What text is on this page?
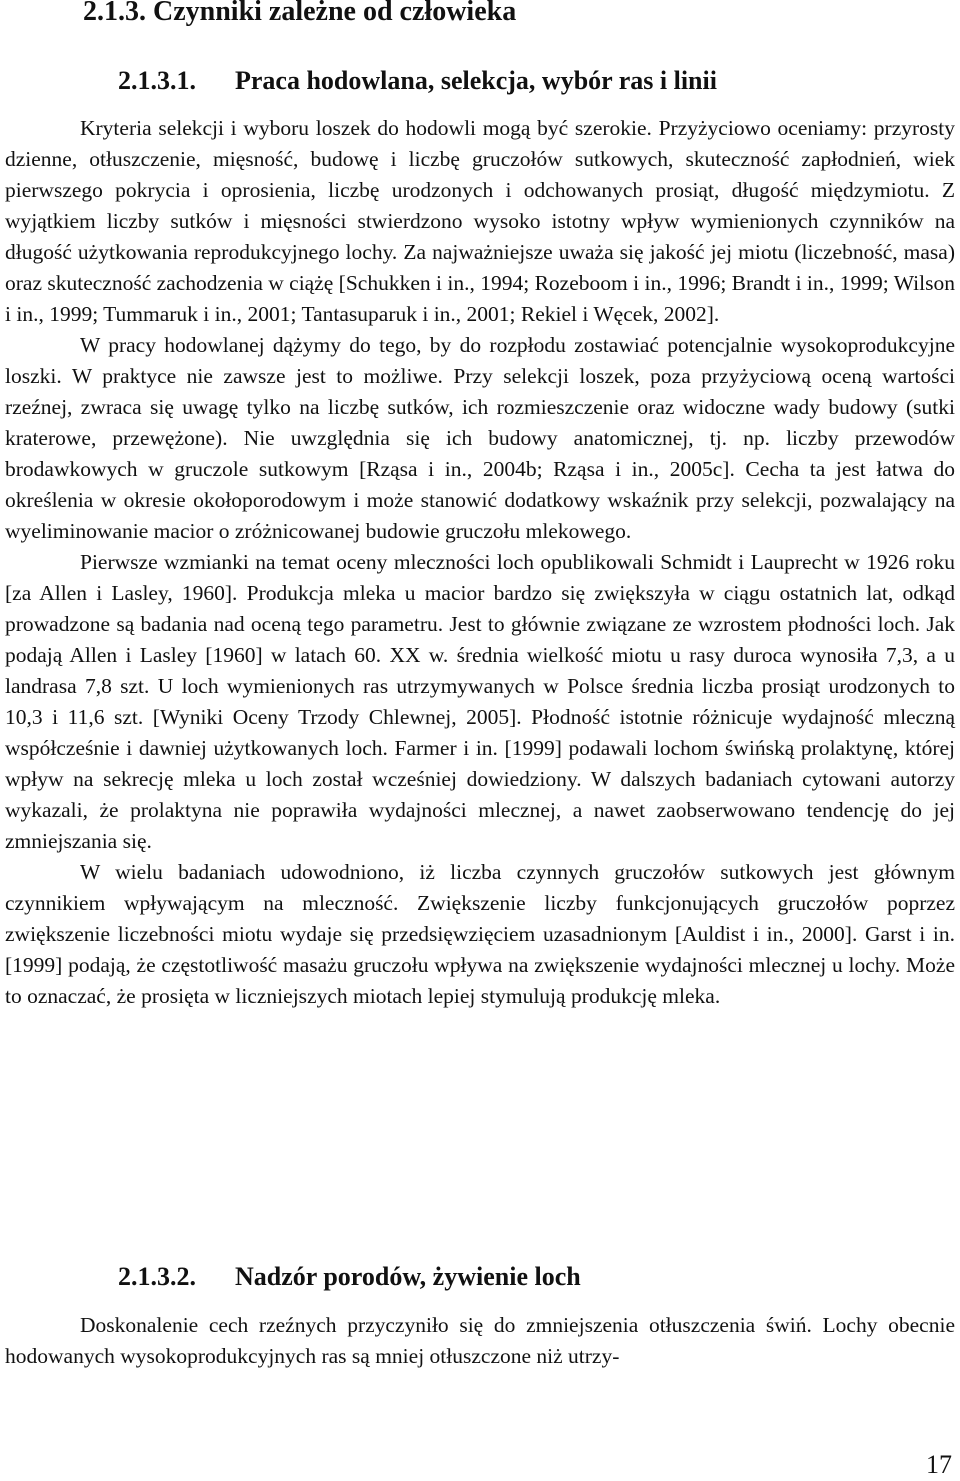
2.1.3. Czynniki zależne od człowieka
2.1.3.1. Praca hodowlana, selekcja, wybór ras i linii

Kryteria selekcji i wyboru loszek do hodowli mogą być szerokie. Przyżyciowo oceniamy: przyrosty dzienne, otłuszczenie, mięsność, budowę i liczbę gruczołów sutkowych, skuteczność zapłodnień, wiek pierwszego pokrycia i oprosienia, liczbę urodzonych i odchowanych prosiąt, długość międzymiotu. Z wyjątkiem liczby sutków i mięsności stwierdzono wysoko istotny wpływ wymienionych czynników na długość użytkowania reprodukcyjnego lochy. Za najważniejsze uważa się jakość jej miotu (liczebność, masa) oraz skuteczność zachodzenia w ciążę [Schukken i in., 1994; Rozeboom i in., 1996; Brandt i in., 1999; Wilson i in., 1999; Tummaruk i in., 2001; Tantasuparuk i in., 2001; Rekiel i Węcek, 2002].

W pracy hodowlanej dążymy do tego, by do rozpłodu zostawiać potencjalnie wysokoprodukcyjne loszki. W praktyce nie zawsze jest to możliwe. Przy selekcji loszek, poza przyżyciową oceną wartości rzeźnej, zwraca się uwagę tylko na liczbę sutków, ich rozmieszczenie oraz widoczne wady budowy (sutki kraterowe, przewężone). Nie uwzględnia się ich budowy anatomicznej, tj. np. liczby przewodów brodawkowych w gruczole sutkowym [Rząsa i in., 2004b; Rząsa i in., 2005c]. Cecha ta jest łatwa do określenia w okresie okołoporodowym i może stanowić dodatkowy wskaźnik przy selekcji, pozwalający na wyeliminowanie macior o zróżnicowanej budowie gruczołu mlekowego.

Pierwsze wzmianki na temat oceny mleczności loch opublikowali Schmidt i Lauprecht w 1926 roku [za Allen i Lasley, 1960]. Produkcja mleka u macior bardzo się zwiększyła w ciągu ostatnich lat, odkąd prowadzone są badania nad oceną tego parametru. Jest to głównie związane ze wzrostem płodności loch. Jak podają Allen i Lasley [1960] w latach 60. XX w. średnia wielkość miotu u rasy duroca wynosiła 7,3, a u landrasa 7,8 szt. U loch wymienionych ras utrzymywanych w Polsce średnia liczba prosiąt urodzonych to 10,3 i 11,6 szt. [Wyniki Oceny Trzody Chlewnej, 2005]. Płodność istotnie różnicuje wydajność mleczną współcześnie i dawniej użytkowanych loch. Farmer i in. [1999] podawali lochom świńską prolaktynę, której wpływ na sekrecję mleka u loch został wcześniej dowiedziony. W dalszych badaniach cytowani autorzy wykazali, że prolaktyna nie poprawiła wydajności mlecznej, a nawet zaobserwowano tendencję do jej zmniejszania się.

W wielu badaniach udowodniono, iż liczba czynnych gruczołów sutkowych jest głównym czynnikiem wpływającym na mleczność. Zwiększenie liczby funkcjonujących gruczołów poprzez zwiększenie liczebności miotu wydaje się przedsięwzięciem uzasadnionym [Auldist i in., 2000]. Garst i in. [1999] podają, że częstotliwość masażu gruczołu wpływa na zwiększenie wydajności mlecznej u lochy. Może to oznaczać, że prosięta w liczniejszych miotach lepiej stymulują produkcję mleka.

2.1.3.2. Nadzór porodów, żywienie loch

Doskonalenie cech rzeźnych przyczyniło się do zmniejszenia otłuszczenia świń. Lochy obecnie hodowanych wysokoprodukcyjnych ras są mniej otłuszczone niż utrzy-

17
